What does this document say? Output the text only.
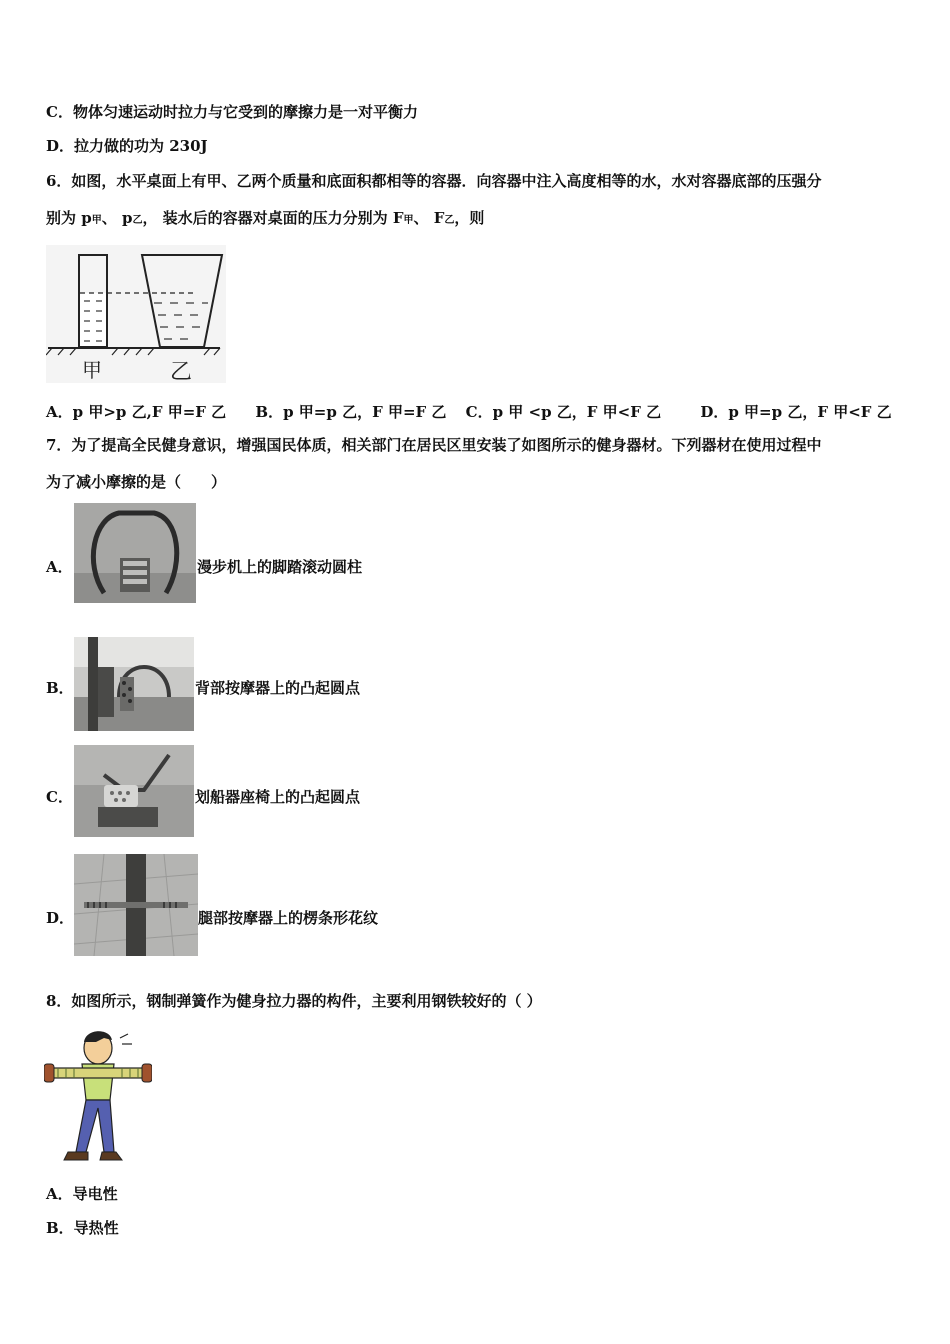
C．物体匀速运动时拉力与它受到的摩擦力是一对平衡力
D．拉力做的功为 230J
6．如图，水平桌面上有甲、乙两个质量和底面积都相等的容器．向容器中注入高度相等的水，水对容器底部的压强分
别为 p甲、 p乙， 装水后的容器对桌面的压力分别为 F甲、 F乙，则
甲	乙
A．p 甲>p 乙,F 甲=F 乙 B．p 甲=p 乙，F 甲=F 乙 C．p 甲 <p 乙，F 甲<F 乙	D．p 甲=p 乙，F 甲<F 乙
7．为了提高全民健身意识，增强国民体质，相关部门在居民区里安装了如图所示的健身器材。下列器材在使用过程中
为了减小摩擦的是（　　）
A．	漫步机上的脚踏滚动圆柱
B．	背部按摩器上的凸起圆点
C．	划船器座椅上的凸起圆点
D．	腿部按摩器上的楞条形花纹
8．如图所示，钢制弹簧作为健身拉力器的构件，主要利用钢铁较好的（ ）
A．导电性
B．导热性
